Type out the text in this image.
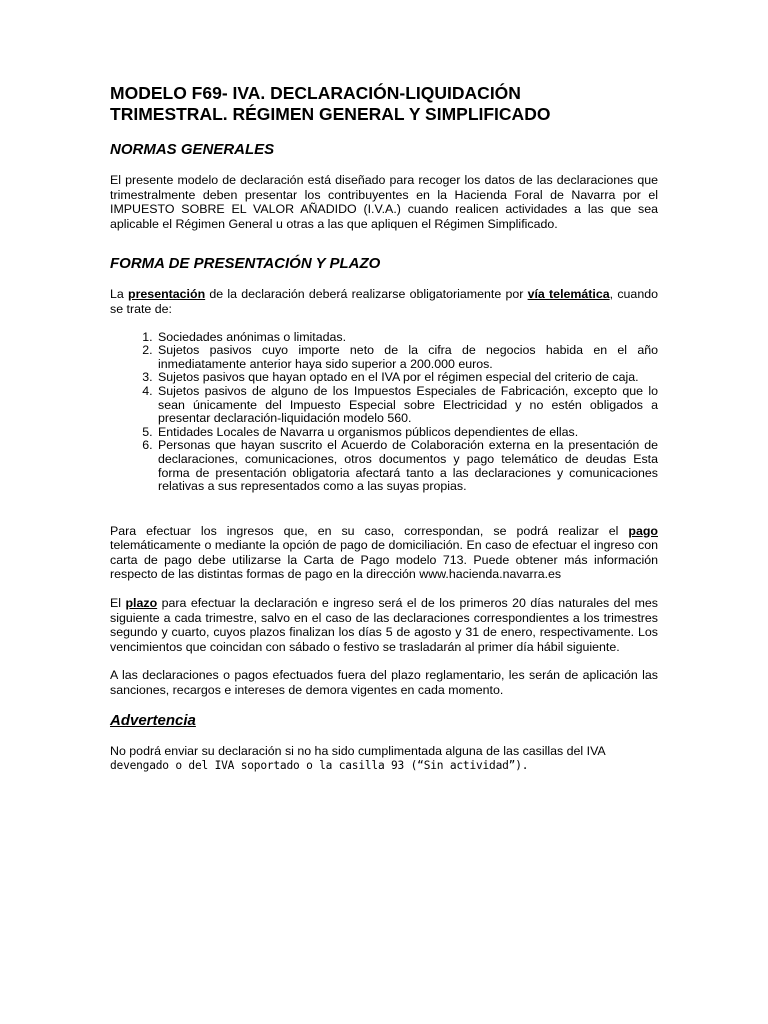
MODELO F69- IVA. DECLARACIÓN-LIQUIDACIÓN
TRIMESTRAL. RÉGIMEN GENERAL Y SIMPLIFICADO
NORMAS GENERALES

El presente modelo de declaración está diseñado para recoger los datos de las declaraciones que trimestralmente deben presentar los contribuyentes en la Hacienda Foral de Navarra por el IMPUESTO SOBRE EL VALOR AÑADIDO (I.V.A.) cuando realicen actividades a las que sea aplicable el Régimen General u otras a las que apliquen el Régimen Simplificado.

FORMA DE PRESENTACIÓN Y PLAZO

La presentación de la declaración deberá realizarse obligatoriamente por vía telemática, cuando se trate de:

1. Sociedades anónimas o limitadas.
2. Sujetos pasivos cuyo importe neto de la cifra de negocios habida en el año inmediatamente anterior haya sido superior a 200.000 euros.
3. Sujetos pasivos que hayan optado en el IVA por el régimen especial del criterio de caja.
4. Sujetos pasivos de alguno de los Impuestos Especiales de Fabricación, excepto que lo sean únicamente del Impuesto Especial sobre Electricidad y no estén obligados a presentar declaración-liquidación modelo 560.
5. Entidades Locales de Navarra u organismos públicos dependientes de ellas.
6. Personas que hayan suscrito el Acuerdo de Colaboración externa en la presentación de declaraciones, comunicaciones, otros documentos y pago telemático de deudas Esta forma de presentación obligatoria afectará tanto a las declaraciones y comunicaciones relativas a sus representados como a las suyas propias.

Para efectuar los ingresos que, en su caso, correspondan, se podrá realizar el pago telemáticamente o mediante la opción de pago de domiciliación. En caso de efectuar el ingreso con carta de pago debe utilizarse la Carta de Pago modelo 713. Puede obtener más información respecto de las distintas formas de pago en la dirección www.hacienda.navarra.es

El plazo para efectuar la declaración e ingreso será el de los primeros 20 días naturales del mes siguiente a cada trimestre, salvo en el caso de las declaraciones correspondientes a los trimestres segundo y cuarto, cuyos plazos finalizan los días 5 de agosto y 31 de enero, respectivamente. Los vencimientos que coincidan con sábado o festivo se trasladarán al primer día hábil siguiente.

A las declaraciones o pagos efectuados fuera del plazo reglamentario, les serán de aplicación las sanciones, recargos e intereses de demora vigentes en cada momento.

Advertencia

No podrá enviar su declaración si no ha sido cumplimentada alguna de las casillas del IVA
devengado o del IVA soportado o la casilla 93 (“Sin actividad”).
